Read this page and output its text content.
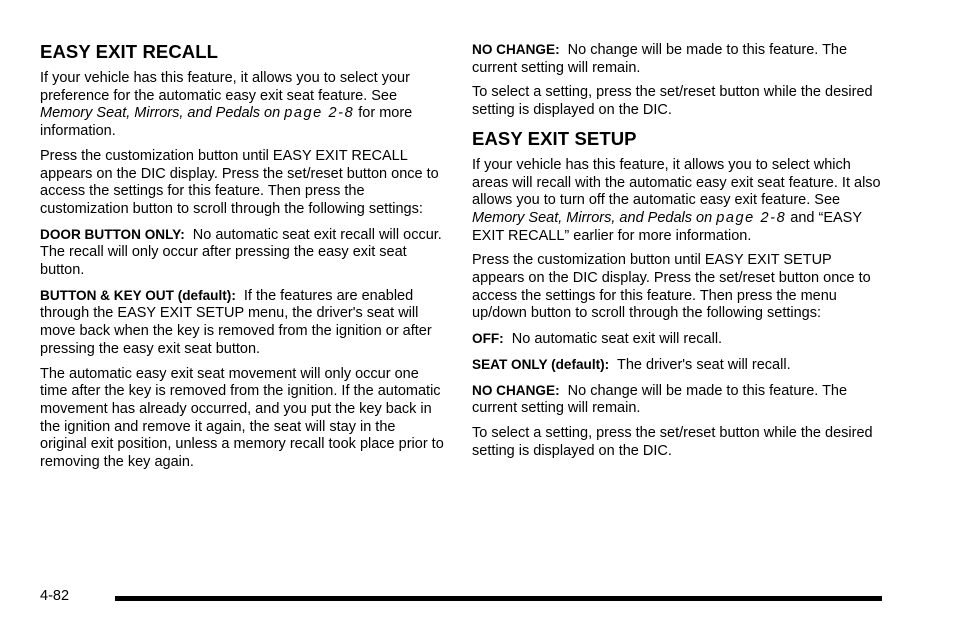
EASY EXIT RECALL

If your vehicle has this feature, it allows you to select your preference for the automatic easy exit seat feature. See Memory Seat, Mirrors, and Pedals on page 2-8 for more information.

Press the customization button until EASY EXIT RECALL appears on the DIC display. Press the set/reset button once to access the settings for this feature. Then press the customization button to scroll through the following settings:

DOOR BUTTON ONLY: No automatic seat exit recall will occur. The recall will only occur after pressing the easy exit seat button.

BUTTON & KEY OUT (default): If the features are enabled through the EASY EXIT SETUP menu, the driver's seat will move back when the key is removed from the ignition or after pressing the easy exit seat button.

The automatic easy exit seat movement will only occur one time after the key is removed from the ignition. If the automatic movement has already occurred, and you put the key back in the ignition and remove it again, the seat will stay in the original exit position, unless a memory recall took place prior to removing the key again.

NO CHANGE: No change will be made to this feature. The current setting will remain.

To select a setting, press the set/reset button while the desired setting is displayed on the DIC.

EASY EXIT SETUP

If your vehicle has this feature, it allows you to select which areas will recall with the automatic easy exit seat feature. It also allows you to turn off the automatic easy exit feature. See Memory Seat, Mirrors, and Pedals on page 2-8 and “EASY EXIT RECALL” earlier for more information.

Press the customization button until EASY EXIT SETUP appears on the DIC display. Press the set/reset button once to access the settings for this feature. Then press the menu up/down button to scroll through the following settings:

OFF: No automatic seat exit will recall.

SEAT ONLY (default): The driver's seat will recall.

NO CHANGE: No change will be made to this feature. The current setting will remain.

To select a setting, press the set/reset button while the desired setting is displayed on the DIC.

4-82
